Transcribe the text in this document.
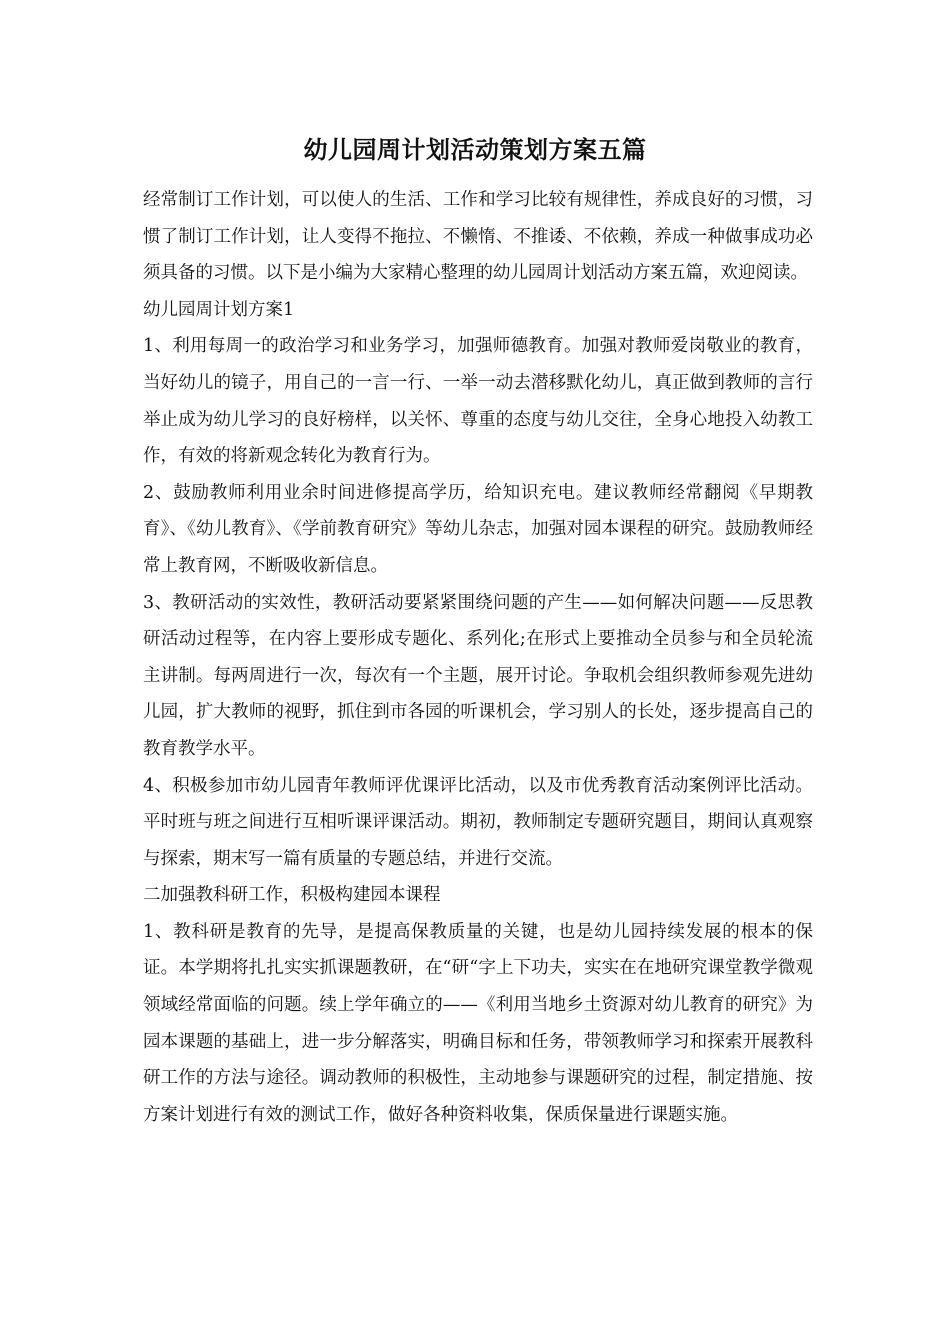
幼儿园周计划活动策划方案五篇

经常制订工作计划，可以使人的生活、工作和学习比较有规律性，养成良好的习惯，习惯了制订工作计划，让人变得不拖拉、不懒惰、不推诿、不依赖，养成一种做事成功必须具备的习惯。以下是小编为大家精心整理的幼儿园周计划活动方案五篇，欢迎阅读。

幼儿园周计划方案1

1、利用每周一的政治学习和业务学习，加强师德教育。加强对教师爱岗敬业的教育，当好幼儿的镜子，用自己的一言一行、一举一动去潜移默化幼儿，真正做到教师的言行举止成为幼儿学习的良好榜样，以关怀、尊重的态度与幼儿交往，全身心地投入幼教工作，有效的将新观念转化为教育行为。

2、鼓励教师利用业余时间进修提高学历，给知识充电。建议教师经常翻阅《早期教育》、《幼儿教育》、《学前教育研究》等幼儿杂志，加强对园本课程的研究。鼓励教师经常上教育网，不断吸收新信息。

3、教研活动的实效性，教研活动要紧紧围绕问题的产生——如何解决问题——反思教研活动过程等，在内容上要形成专题化、系列化;在形式上要推动全员参与和全员轮流主讲制。每两周进行一次，每次有一个主题，展开讨论。争取机会组织教师参观先进幼儿园，扩大教师的视野，抓住到市各园的听课机会，学习别人的长处，逐步提高自己的教育教学水平。

4、积极参加市幼儿园青年教师评优课评比活动，以及市优秀教育活动案例评比活动。平时班与班之间进行互相听课评课活动。期初，教师制定专题研究题目，期间认真观察与探索，期末写一篇有质量的专题总结，并进行交流。

二加强教科研工作，积极构建园本课程

1、教科研是教育的先导，是提高保教质量的关键，也是幼儿园持续发展的根本的保证。本学期将扎扎实实抓课题教研，在“研“字上下功夫，实实在在地研究课堂教学微观领域经常面临的问题。续上学年确立的——《利用当地乡土资源对幼儿教育的研究》为园本课题的基础上，进一步分解落实，明确目标和任务，带领教师学习和探索开展教科研工作的方法与途径。调动教师的积极性，主动地参与课题研究的过程，制定措施、按方案计划进行有效的测试工作，做好各种资料收集，保质保量进行课题实施。
